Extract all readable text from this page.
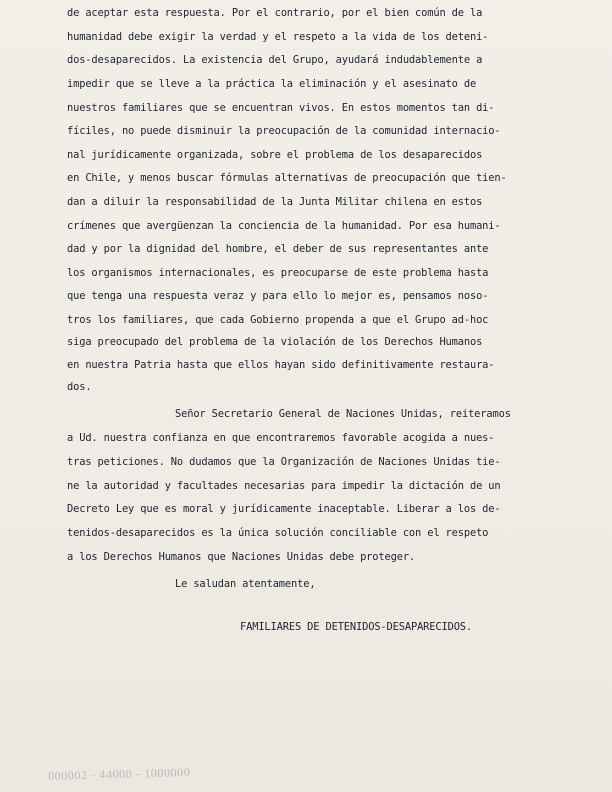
de aceptar esta respuesta. Por el contrario, por el bien común de la
humanidad debe exigir la verdad y el respeto a la vida de los deteni-
dos-desaparecidos. La existencia del Grupo, ayudará indudablemente a
impedir que se lleve a la práctica la eliminación y el asesinato de
nuestros familiares que se encuentran vivos. En estos momentos tan di-
fíciles, no puede disminuir la preocupación de la comunidad internacio-
nal jurídicamente organizada, sobre el problema de los desaparecidos
en Chile, y menos buscar fórmulas alternativas de preocupación que tien-
dan a diluir la responsabilidad de la Junta Militar chilena en estos
crímenes que avergüenzan la conciencia de la humanidad. Por esa humani-
dad y por la dignidad del hombre, el deber de sus representantes ante
los organismos internacionales, es preocuparse de este problema hasta
que tenga una respuesta veraz y para ello lo mejor es, pensamos noso-
tros los familiares, que cada Gobierno propenda a que el Grupo ad-hoc
siga preocupado del problema de la violación de los Derechos Humanos
en nuestra Patria hasta que ellos hayan sido definitivamente restaura-
dos.
Señor Secretario General de Naciones Unidas, reiteramos
a Ud. nuestra confianza en que encontraremos favorable acogida a nues-
tras peticiones. No dudamos que la Organización de Naciones Unidas tie-
ne la autoridad y facultades necesarias para impedir la dictación de un
Decreto Ley que es moral y jurídicamente inaceptable. Liberar a los de-
tenidos-desaparecidos es la única solución conciliable con el respeto
a los Derechos Humanos que Naciones Unidas debe proteger.
Le saludan atentamente,
FAMILIARES DE DETENIDOS-DESAPARECIDOS.
000002 - 44000 - 1000000
